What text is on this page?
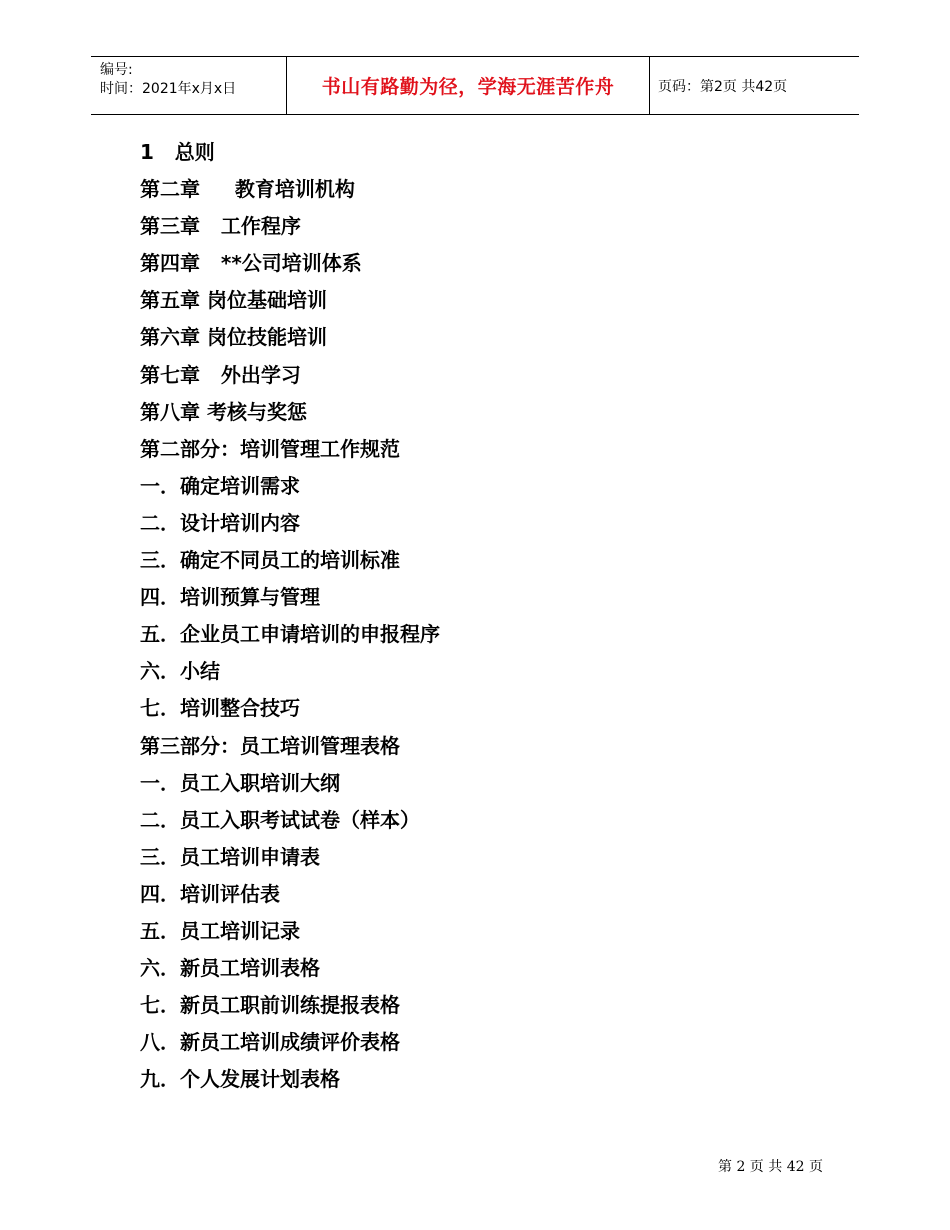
编号:
时间：2021年x月x日	书山有路勤为径，学海无涯苦作舟	页码：第2页 共42页
1   总则
第二章     教育培训机构
第三章   工作程序
第四章   **公司培训体系
第五章 岗位基础培训
第六章 岗位技能培训
第七章   外出学习
第八章 考核与奖惩
第二部分：培训管理工作规范
一．确定培训需求
二．设计培训内容
三．确定不同员工的培训标准
四．培训预算与管理
五．企业员工申请培训的申报程序
六．小结
七．培训整合技巧
第三部分：员工培训管理表格
一．员工入职培训大纲
二．员工入职考试试卷（样本）
三．员工培训申请表
四．培训评估表
五．员工培训记录
六．新员工培训表格
七．新员工职前训练提报表格
八．新员工培训成绩评价表格
九．个人发展计划表格
第 2 页 共 42 页
